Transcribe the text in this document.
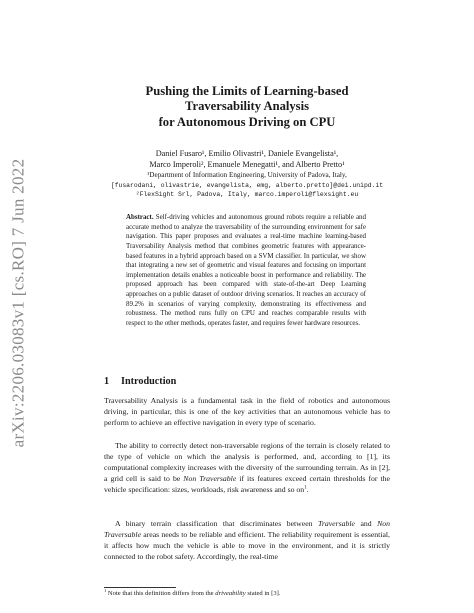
arXiv:2206.03083v1 [cs.RO] 7 Jun 2022
Pushing the Limits of Learning-based
Traversability Analysis
for Autonomous Driving on CPU
Daniel Fusaro¹, Emilio Olivastri¹, Daniele Evangelista¹,
Marco Imperoli², Emanuele Menegatti¹, and Alberto Pretto¹
¹Department of Information Engineering, University of Padova, Italy,
[fusarodani, olivastrie, evangelista, emg, alberto.pretto]@dei.unipd.it
²FlexSight Srl, Padova, Italy, marco.imperoli@flexsight.eu

Abstract. Self-driving vehicles and autonomous ground robots require a reliable and accurate method to analyze the traversability of the surrounding environment for safe navigation. This paper proposes and evaluates a real-time machine learning-based Traversability Analysis method that combines geometric features with appearance-based features in a hybrid approach based on a SVM classifier. In particular, we show that integrating a new set of geometric and visual features and focusing on important implementation details enables a noticeable boost in performance and reliability. The proposed approach has been compared with state-of-the-art Deep Learning approaches on a public dataset of outdoor driving scenarios. It reaches an accuracy of 89.2% in scenarios of varying complexity, demonstrating its effectiveness and robustness. The method runs fully on CPU and reaches comparable results with respect to the other methods, operates faster, and requires fewer hardware resources.

1 Introduction

Traversability Analysis is a fundamental task in the field of robotics and autonomous driving, in particular, this is one of the key activities that an autonomous vehicle has to perform to achieve an effective navigation in every type of scenario.

The ability to correctly detect non-traversable regions of the terrain is closely related to the type of vehicle on which the analysis is performed, and, according to [1], its computational complexity increases with the diversity of the surrounding terrain. As in [2], a grid cell is said to be Non Traversable if its features exceed certain thresholds for the vehicle specification: sizes, workloads, risk awareness and so $on^1$.

A binary terrain classification that discriminates between Traversable and Non Traversable areas needs to be reliable and efficient. The reliability requirement is essential, it affects how much the vehicle is able to move in the environment, and it is strictly connected to the robot safety. Accordingly, the real-time

$^1$ Note that this definition differs from the driveability stated in [3].
